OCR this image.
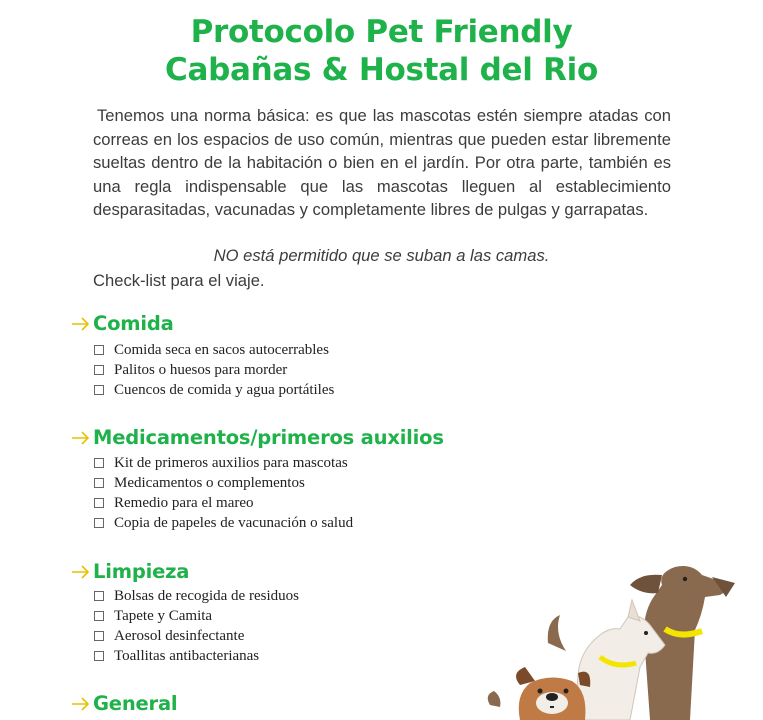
Protocolo Pet Friendly
Cabañas & Hostal del Rio
Tenemos una norma básica: es que las mascotas estén siempre atadas con correas en los espacios de uso común, mientras que pueden estar libremente sueltas dentro de la habitación o bien en el jardín. Por otra parte, también es una regla indispensable que las mascotas lleguen al establecimiento desparasitadas, vacunadas y completamente libres de pulgas y garrapatas.
NO está permitido que se suban a las camas.
Check-list para el viaje.
Comida
Comida seca en sacos autocerrables
Palitos o huesos para morder
Cuencos de comida y agua portátiles
Medicamentos/primeros auxilios
Kit de primeros auxilios para mascotas
Medicamentos o complementos
Remedio para el mareo
Copia de papeles de vacunación o salud
Limpieza
Bolsas de recogida de residuos
Tapete y Camita
Aerosol desinfectante
Toallitas antibacterianas
General
